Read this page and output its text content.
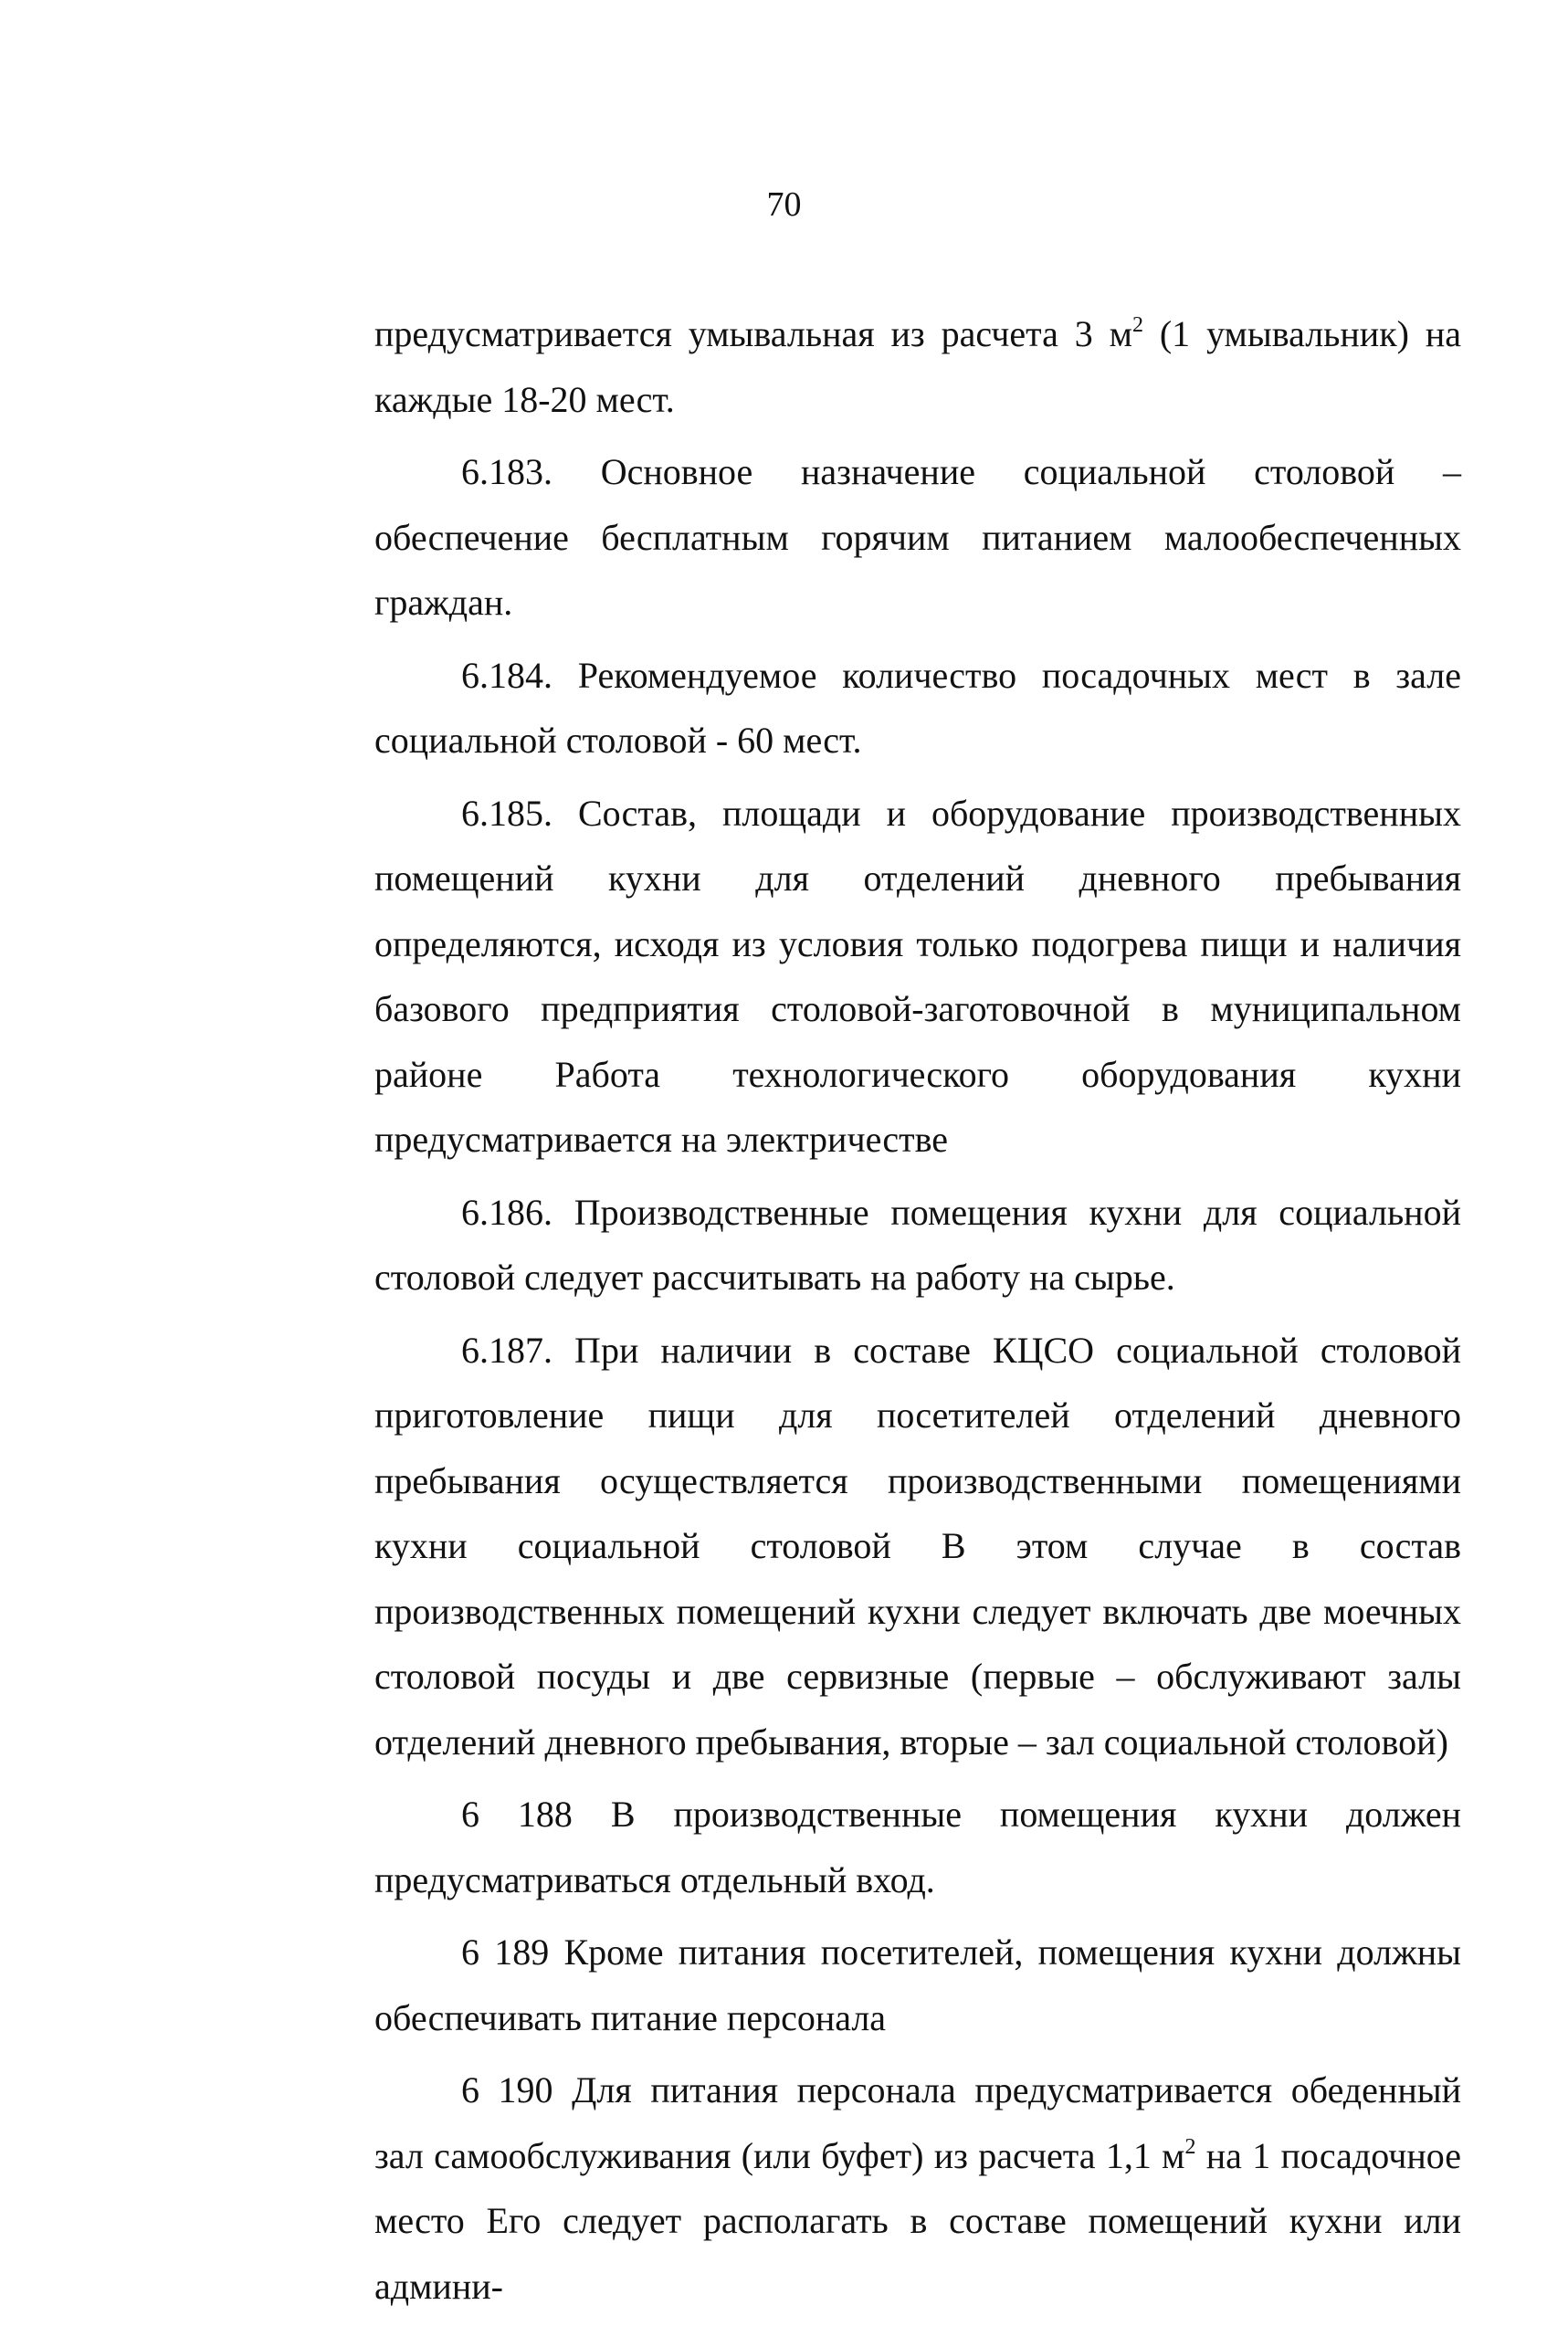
70

предусматривается умывальная из расчета 3 $м^2$ (1 умывальник) на каждые 18-20 мест.

6.183. Основное назначение социальной столовой – обеспечение бесплатным горячим питанием малообеспеченных граждан.

6.184. Рекомендуемое количество посадочных мест в зале социальной столовой - 60 мест.

6.185. Состав, площади и оборудование производственных помещений кухни для отделений дневного пребывания определяются, исходя из условия только подогрева пищи и наличия базового предприятия столовой-заготовочной в муниципальном районе Работа технологического оборудования кухни предусматривается на электричестве

6.186. Производственные помещения кухни для социальной столовой следует рассчитывать на работу на сырье.

6.187. При наличии в составе КЦСО социальной столовой приготовление пищи для посетителей отделений дневного пребывания осуществляется производственными помещениями кухни социальной столовой В этом случае в состав производственных помещений кухни следует включать две моечных столовой посуды и две сервизные (первые – обслуживают залы отделений дневного пребывания, вторые – зал социальной столовой)

6 188 В производственные помещения кухни должен предусматриваться отдельный вход.

6 189 Кроме питания посетителей, помещения кухни должны обеспечивать питание персонала

6 190 Для питания персонала предусматривается обеденный зал самообслуживания (или буфет) из расчета 1,1 $м^2$ на 1 посадочное место Его следует располагать в составе помещений кухни или админи-
